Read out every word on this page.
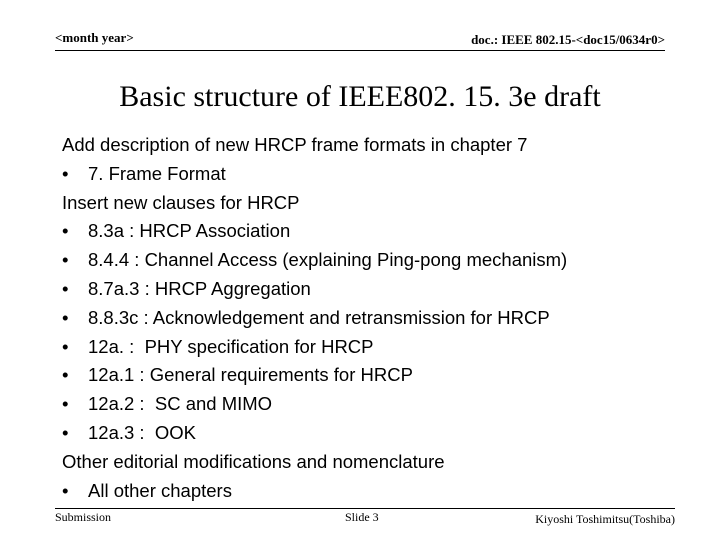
<month year>	doc.: IEEE 802.15-<doc15/0634r0>
Basic structure of IEEE802. 15. 3e draft
Add description of new HRCP frame formats in chapter 7
• 7. Frame Format
Insert new clauses for HRCP
• 8.3a : HRCP Association
• 8.4.4 : Channel Access (explaining Ping-pong mechanism)
• 8.7a.3 : HRCP Aggregation
• 8.8.3c : Acknowledgement and retransmission for HRCP
• 12a. :  PHY specification for HRCP
• 12a.1 : General requirements for HRCP
• 12a.2 :  SC and MIMO
• 12a.3 :  OOK
Other editorial modifications and nomenclature
• All other chapters
Submission	Slide 3	Kiyoshi Toshimitsu(Toshiba)
